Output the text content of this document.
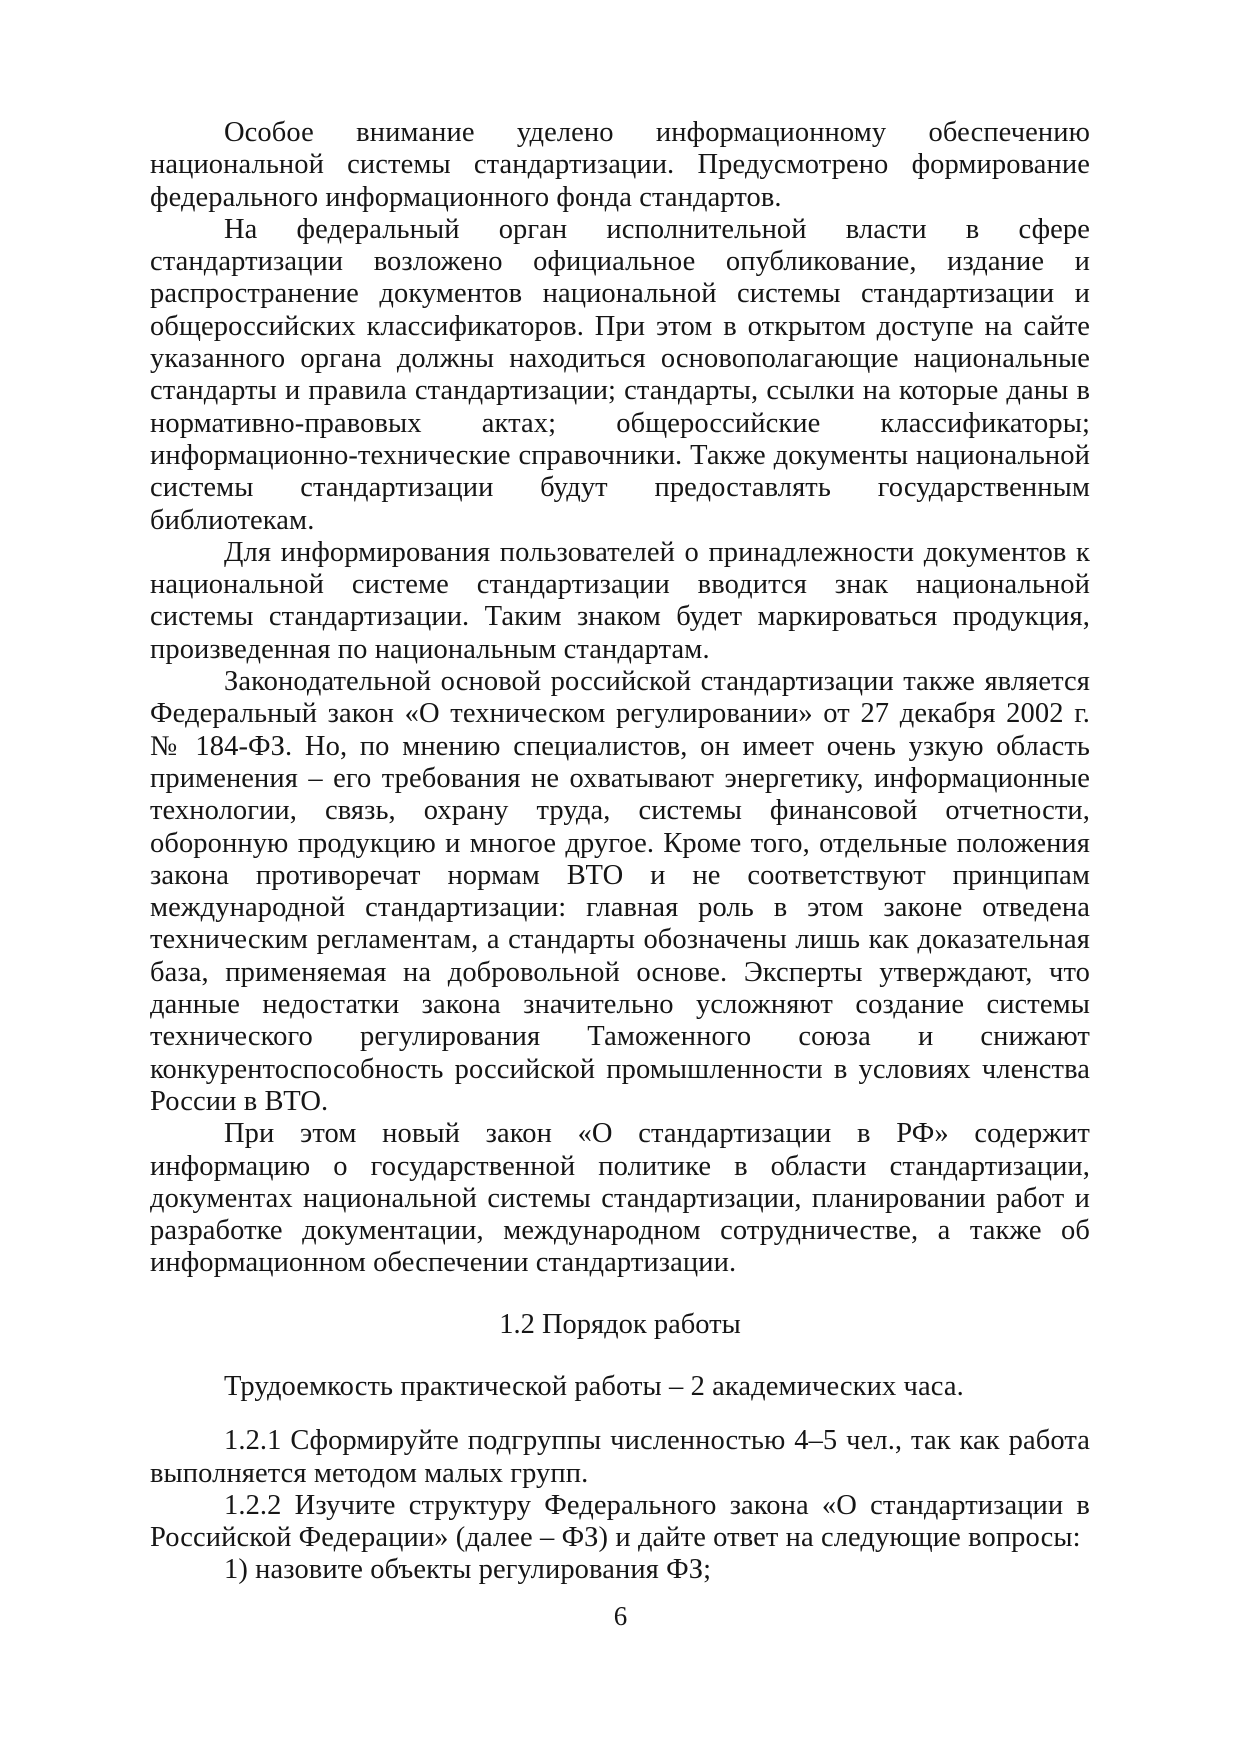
Особое внимание уделено информационному обеспечению национальной системы стандартизации. Предусмотрено формирование федерального информационного фонда стандартов.

На федеральный орган исполнительной власти в сфере стандартизации возложено официальное опубликование, издание и распространение документов национальной системы стандартизации и общероссийских классификаторов. При этом в открытом доступе на сайте указанного органа должны находиться основополагающие национальные стандарты и правила стандартизации; стандарты, ссылки на которые даны в нормативно-правовых актах; общероссийские классификаторы; информационно-технические справочники. Также документы национальной системы стандартизации будут предоставлять государственным библиотекам.

Для информирования пользователей о принадлежности документов к национальной системе стандартизации вводится знак национальной системы стандартизации. Таким знаком будет маркироваться продукция, произведенная по национальным стандартам.

Законодательной основой российской стандартизации также является Федеральный закон «О техническом регулировании» от 27 декабря 2002 г. № 184-ФЗ. Но, по мнению специалистов, он имеет очень узкую область применения – его требования не охватывают энергетику, информационные технологии, связь, охрану труда, системы финансовой отчетности, оборонную продукцию и многое другое. Кроме того, отдельные положения закона противоречат нормам ВТО и не соответствуют принципам международной стандартизации: главная роль в этом законе отведена техническим регламентам, а стандарты обозначены лишь как доказательная база, применяемая на добровольной основе. Эксперты утверждают, что данные недостатки закона значительно усложняют создание системы технического регулирования Таможенного союза и снижают конкурентоспособность российской промышленности в условиях членства России в ВТО.

При этом новый закон «О стандартизации в РФ» содержит информацию о государственной политике в области стандартизации, документах национальной системы стандартизации, планировании работ и разработке документации, международном сотрудничестве, а также об информационном обеспечении стандартизации.

1.2 Порядок работы

Трудоемкость практической работы – 2 академических часа.

1.2.1 Сформируйте подгруппы численностью 4–5 чел., так как работа выполняется методом малых групп.

1.2.2 Изучите структуру Федерального закона «О стандартизации в Российской Федерации» (далее – ФЗ) и дайте ответ на следующие вопросы:

1) назовите объекты регулирования ФЗ;

6
